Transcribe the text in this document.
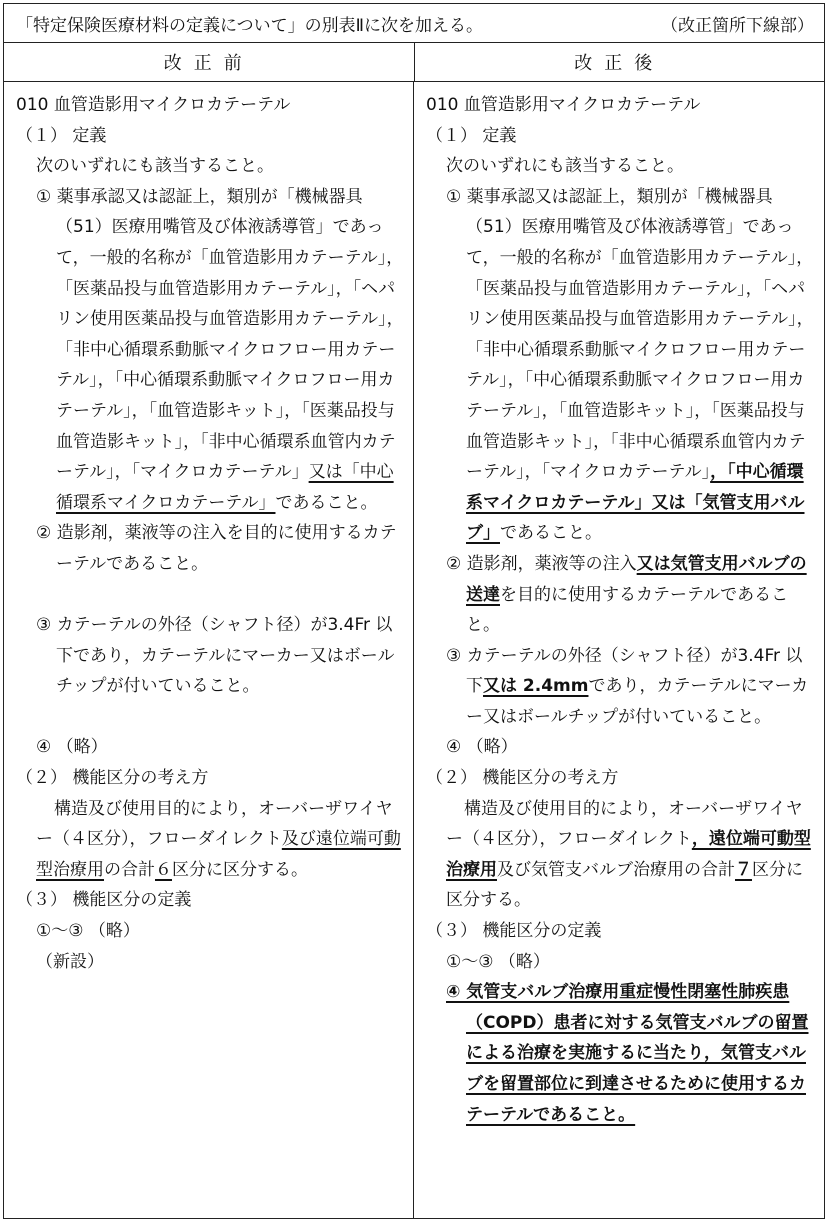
「特定保険医療材料の定義について」の別表Ⅱに次を加える。	（改正箇所下線部）
改正前	改正後

010 血管造影用マイクロカテーテル

（１） 定義

次のいずれにも該当すること。

① 薬事承認又は認証上，類別が「機械器具（51）医療用嘴管及び体液誘導管」であって，一般的名称が「血管造影用カテーテル」，「医薬品投与血管造影用カテーテル」，「ヘパリン使用医薬品投与血管造影用カテーテル」，「非中心循環系動脈マイクロフロー用カテーテル」，「中心循環系動脈マイクロフロー用カテーテル」，「血管造影キット」，「医薬品投与血管造影キット」，「非中心循環系血管内カテーテル」，「マイクロカテーテル」又は「中心循環系マイクロカテーテル」であること。

② 造影剤，薬液等の注入を目的に使用するカテーテルであること。

③ カテーテルの外径（シャフト径）が3.4Fr 以下であり，カテーテルにマーカー又はボールチップが付いていること。

④ （略）

（２） 機能区分の考え方

構造及び使用目的により，オーバーザワイヤー（４区分），フローダイレクト及び遠位端可動型治療用の合計６区分に区分する。

（３） 機能区分の定義

①～③ （略）

（新設）

010 血管造影用マイクロカテーテル

（１） 定義

次のいずれにも該当すること。

① 薬事承認又は認証上，類別が「機械器具（51）医療用嘴管及び体液誘導管」であって，一般的名称が「血管造影用カテーテル」，「医薬品投与血管造影用カテーテル」，「ヘパリン使用医薬品投与血管造影用カテーテル」，「非中心循環系動脈マイクロフロー用カテーテル」，「中心循環系動脈マイクロフロー用カテーテル」，「血管造影キット」，「医薬品投与血管造影キット」，「非中心循環系血管内カテーテル」，「マイクロカテーテル」，「中心循環系マイクロカテーテル」又は「気管支用バルブ」であること。

② 造影剤，薬液等の注入又は気管支用バルブの送達を目的に使用するカテーテルであること。

③ カテーテルの外径（シャフト径）が3.4Fr 以下又は 2.4mmであり，カテーテルにマーカー又はボールチップが付いていること。

④ （略）

（２） 機能区分の考え方

構造及び使用目的により，オーバーザワイヤー（４区分），フローダイレクト，遠位端可動型治療用及び気管支バルブ治療用の合計７区分に区分する。

（３） 機能区分の定義

①～③ （略）

④ 気管支バルブ治療用重症慢性閉塞性肺疾患（COPD）患者に対する気管支バルブの留置による治療を実施するに当たり，気管支バルブを留置部位に到達させるために使用するカテーテルであること。
